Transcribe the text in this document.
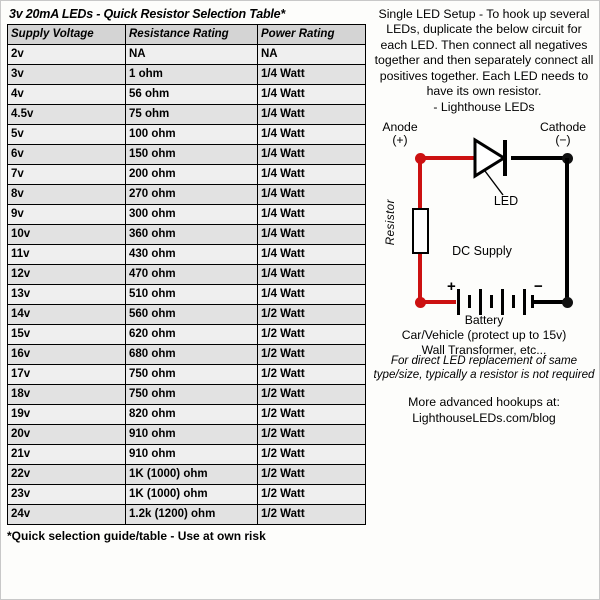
3v 20mA LEDs - Quick Resistor Selection Table*
Supply Voltage	Resistance Rating	Power Rating
2v	NA	NA
3v	1 ohm	1/4 Watt
4v	56 ohm	1/4 Watt
4.5v	75 ohm	1/4 Watt
5v	100 ohm	1/4 Watt
6v	150 ohm	1/4 Watt
7v	200 ohm	1/4 Watt
8v	270 ohm	1/4 Watt
9v	300 ohm	1/4 Watt
10v	360 ohm	1/4 Watt
11v	430 ohm	1/4 Watt
12v	470 ohm	1/4 Watt
13v	510 ohm	1/4 Watt
14v	560 ohm	1/2 Watt
15v	620 ohm	1/2 Watt
16v	680 ohm	1/2 Watt
17v	750 ohm	1/2 Watt
18v	750 ohm	1/2 Watt
19v	820 ohm	1/2 Watt
20v	910 ohm	1/2 Watt
21v	910 ohm	1/2 Watt
22v	1K (1000) ohm	1/2 Watt
23v	1K (1000) ohm	1/2 Watt
24v	1.2k (1200) ohm	1/2 Watt
*Quick selection guide/table - Use at own risk
Single LED Setup - To hook up several LEDs, duplicate the below circuit for each LED. Then connect all negatives together and then separately connect all positives together. Each LED needs to have its own resistor.
- Lighthouse LEDs
Anode
(+)
Cathode
(−)
Resistor
+	−
LED
DC Supply
Battery
Car/Vehicle (protect up to 15v)
Wall Transformer, etc...
For direct LED replacement of same type/size, typically a resistor is not required
More advanced hookups at:
LighthouseLEDs.com/blog
